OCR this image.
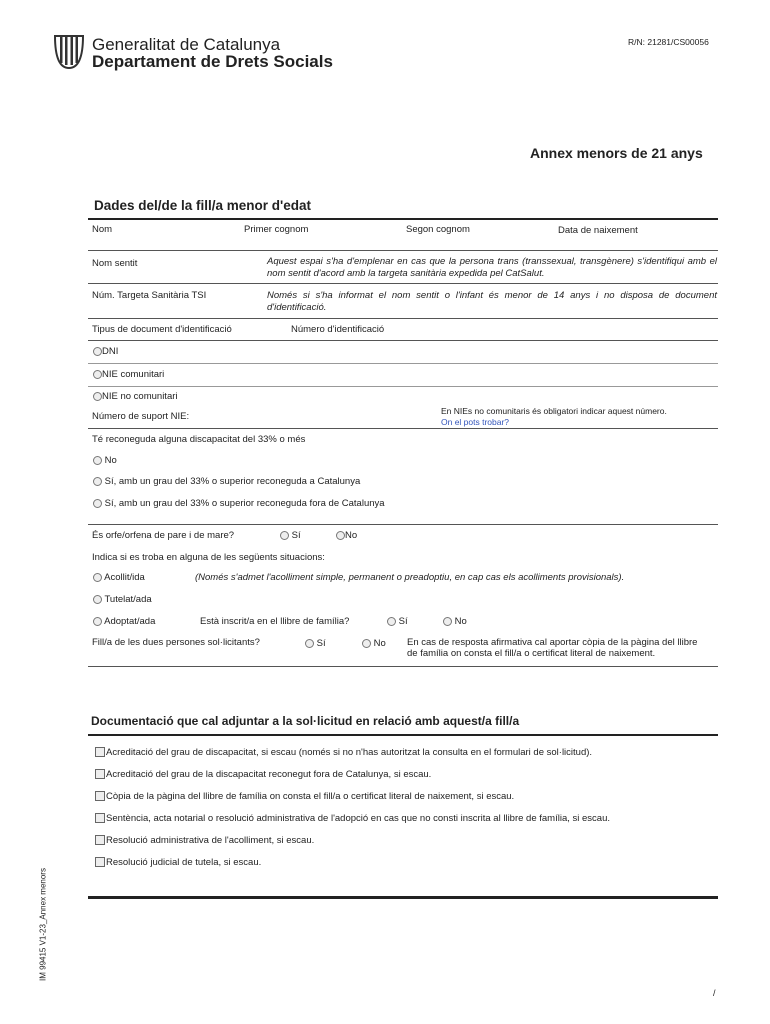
Generalitat de Catalunya
Departament de Drets Socials
R/N: 21281/CS00056
Annex menors de 21 anys
Dades del/de la fill/a menor d'edat
Nom	Primer cognom	Segon cognom	Data de naixement
Nom sentit	Aquest espai s'ha d'emplenar en cas que la persona trans (transsexual, transgènere) s'identifiqui amb el nom sentit d'acord amb la targeta sanitària expedida pel CatSalut.
Núm. Targeta Sanitària TSI	Només si s'ha informat el nom sentit o l'infant és menor de 14 anys i no disposa de document d'identificació.
Tipus de document d'identificació	Número d'identificació
DNI
NIE comunitari
NIE no comunitari
Número de suport NIE:	En NIEs no comunitaris és obligatori indicar aquest número.
On el pots trobar?
Té reconeguda alguna discapacitat del 33% o més
No
Sí, amb un grau del 33% o superior reconeguda a Catalunya
Sí, amb un grau del 33% o superior reconeguda fora de Catalunya
És orfe/orfena de pare i de mare?	Sí	No
Indica si es troba en alguna de les següents situacions:
Acollit/ida	(Només s'admet l'acolliment simple, permanent o preadoptiu, en cap cas els acolliments provisionals).
Tutelat/ada
Adoptat/ada	Està inscrit/a en el llibre de família?	Sí	No
Fill/a de les dues persones sol·licitants?	Sí	No En cas de resposta afirmativa cal aportar còpia de la pàgina del llibre de família on consta el fill/a o certificat literal de naixement.
Documentació que cal adjuntar a la sol·licitud en relació amb aquest/a fill/a
Acreditació del grau de discapacitat, si escau (només si no n'has autoritzat la consulta en el formulari de sol·licitud).
Acreditació del grau de la discapacitat reconegut fora de Catalunya, si escau.
Còpia de la pàgina del llibre de família on consta el fill/a o certificat literal de naixement, si escau.
Sentència, acta notarial o resolució administrativa de l'adopció en cas que no consti inscrita al llibre de família, si escau.
Resolució administrativa de l'acolliment, si escau.
Resolució judicial de tutela, si escau.
IM 99415 V1-23_Annex menors
/
